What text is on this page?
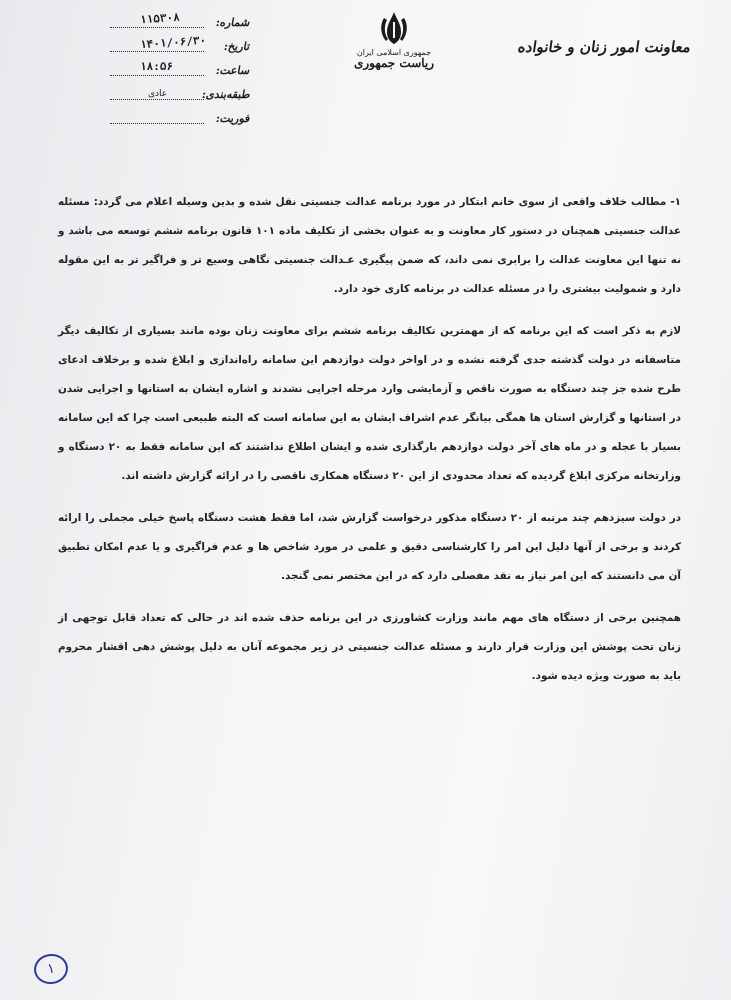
معاونت امور زنان و خانواده
جمهوری اسلامی ایران
ریاست جمهوری
شماره:
۱۱۵۳۰۸
تاریخ:
۱۴۰۱/۰۶/۳۰
ساعت:
۱۸:۵۶
طبقه‌بندی:
عادی
فوریت:

۱- مطالب خلاف واقعی از سوی خانم ابتکار در مورد برنامه عدالت جنسیتی نقل شده و بدین وسیله اعلام می گردد: مسئله عدالت جنسیتی همچنان در دستور کار معاونت و به عنوان بخشی از تکلیف ماده ۱۰۱ قانون برنامه ششم توسعه می باشد و نه تنها این معاونت عدالت را برابری نمی داند، که ضمن پیگیری عـدالت جنسیتی نگاهی وسیع تر و فراگیر تر به این مقوله دارد و شمولیت بیشتری را در مسئله عدالت در برنامه کاری خود دارد.

لازم به ذکر است که این برنامه که از مهمترین تکالیف برنامه ششم برای معاونت زنان بوده مانند بسیاری از تکالیف دیگر متاسفانه در دولت گذشته جدی گرفته نشده و در اواخر دولت دوازدهم این سامانه راه‌اندازی و ابلاغ شده و برخلاف ادعای طرح شده جز چند دستگاه به صورت ناقص و آزمایشی وارد مرحله اجرایی نشدند و اشاره ایشان به استانها و اجرایی شدن در استانها و گزارش استان ها همگی بیانگر عدم اشراف ایشان به این سامانه است که البته طبیعی است چرا که این سامانه بسیار با عجله و در ماه های آخر دولت دوازدهم بارگذاری شده و ایشان اطلاع نداشتند که این سامانه فقط به ۲۰ دستگاه و وزارتخانه مرکزی ابلاغ گردیده که تعداد محدودی از این ۲۰ دستگاه همکاری ناقصی را در ارائه گزارش داشته اند.

در دولت سیزدهم چند مرتبه از ۲۰ دستگاه مذکور درخواست گزارش شد، اما فقط هشت دستگاه پاسخ خیلی مجملی را ارائه کردند و برخی از آنها دلیل این امر را کارشناسی دقیق و علمی در مورد شاخص ها و عدم فراگیری و یا عدم امکان تطبیق آن می دانستند که این امر نیاز به نقد مفصلی دارد که در این مختصر نمی گنجد.

همچنین برخی از دستگاه های مهم مانند وزارت کشاورزی در این برنامه حذف شده اند در حالی که تعداد قابل توجهی از زنان تحت پوشش این وزارت قرار دارند و مسئله عدالت جنسیتی در زیر مجموعه آنان به دلیل پوشش دهی اقشار محروم باید به صورت ویژه دیده شود.

۱
